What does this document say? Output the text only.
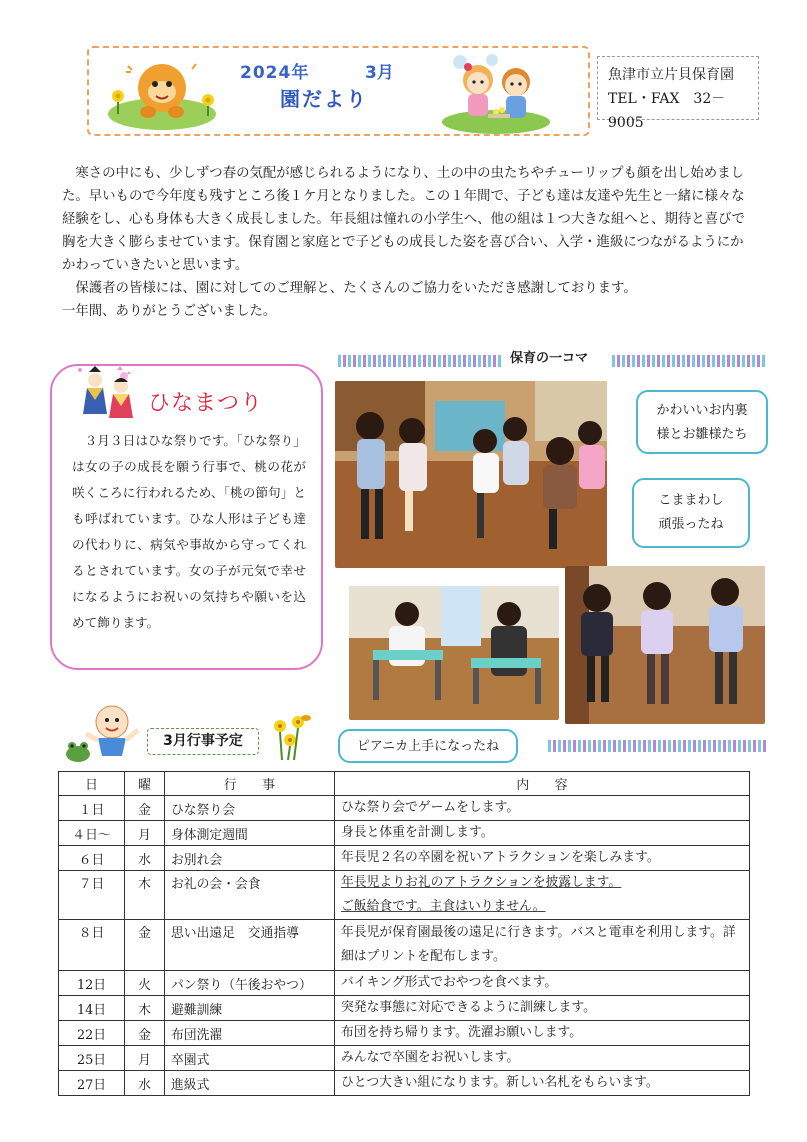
2024年	3月
園だより
魚津市立片貝保育園
TEL・FAX　32－9005

寒さの中にも、少しずつ春の気配が感じられるようになり、土の中の虫たちやチューリップも顔を出し始めました。早いもので今年度も残すところ後１ケ月となりました。この１年間で、子ども達は友達や先生と一緒に様々な経験をし、心も身体も大きく成長しました。年長組は憧れの小学生へ、他の組は１つ大きな組へと、期待と喜びで胸を大きく膨らませています。保育園と家庭とで子どもの成長した姿を喜び合い、入学・進級につながるようにかかわっていきたいと思います。

保護者の皆様には、園に対してのご理解と、たくさんのご協力をいただき感謝しております。

一年間、ありがとうございました。

ひなまつり
３月３日はひな祭りです。「ひな祭り」は女の子の成長を願う行事で、桃の花が咲くころに行われるため、「桃の節句」とも呼ばれています。ひな人形は子ども達の代わりに、病気や事故から守ってくれるとされています。女の子が元気で幸せになるようにお祝いの気持ちや願いを込めて飾ります。
保育の一コマ
かわいいお内裏
様とお雛様たち
こままわし
頑張ったね
ピアニカ上手になったね
3月行事予定
日	曜	行　　事	内　　容
１日	金	ひな祭り会	ひな祭り会でゲームをします。
４日～	月	身体測定週間	身長と体重を計測します。
６日	水	お別れ会	年長児２名の卒園を祝いアトラクションを楽しみます。
７日	木	お礼の会・会食	年長児よりお礼のアトラクションを披露します。
ご飯給食です。主食はいりません。

８日	金	思い出遠足　交通指導	年長児が保育園最後の遠足に行きます。バスと電車を利用します。詳細はプリントを配布します。
12日	火	パン祭り（午後おやつ）	バイキング形式でおやつを食べます。
14日	木	避難訓練	突発な事態に対応できるように訓練します。
22日	金	布団洗濯	布団を持ち帰ります。洗濯お願いします。
25日	月	卒園式	みんなで卒園をお祝いします。
27日	水	進級式	ひとつ大きい組になります。新しい名札をもらいます。
